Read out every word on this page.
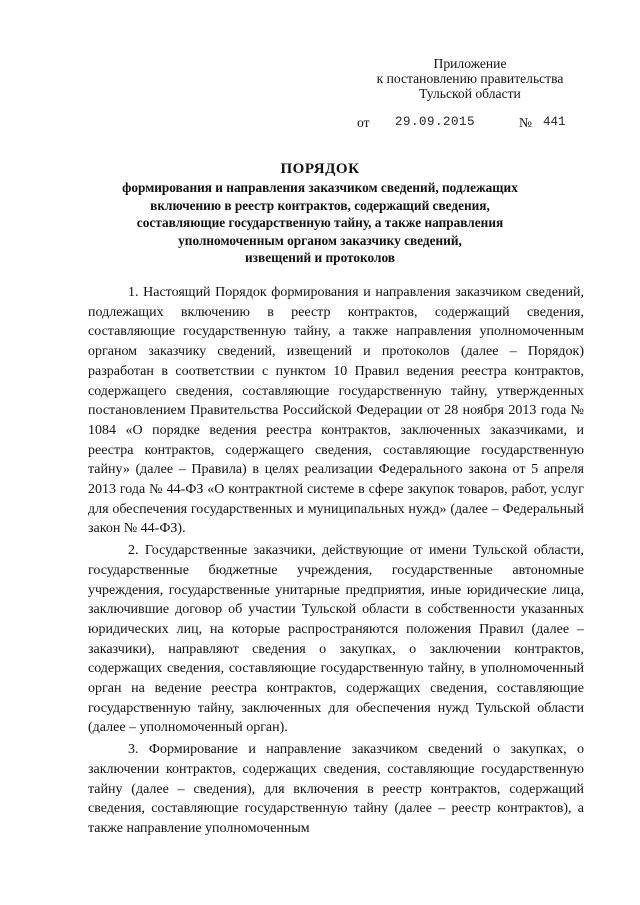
Приложение
к постановлению правительства
Тульской области
от 29.09.2015	№ 441
ПОРЯДОК
формирования и направления заказчиком сведений, подлежащих
включению в реестр контрактов, содержащий сведения,
составляющие государственную тайну, а также направления
уполномоченным органом заказчику сведений,
извещений и протоколов

1. Настоящий Порядок формирования и направления заказчиком сведений, подлежащих включению в реестр контрактов, содержащий сведения, составляющие государственную тайну, а также направления уполномоченным органом заказчику сведений, извещений и протоколов (далее – Порядок) разработан в соответствии с пунктом 10 Правил ведения реестра контрактов, содержащего сведения, составляющие государственную тайну, утвержденных постановлением Правительства Российской Федерации от 28 ноября 2013 года № 1084 «О порядке ведения реестра контрактов, заключенных заказчиками, и реестра контрактов, содержащего сведения, составляющие государственную тайну» (далее – Правила) в целях реализации Федерального закона от 5 апреля 2013 года № 44-ФЗ «О контрактной системе в сфере закупок товаров, работ, услуг для обеспечения государственных и муниципальных нужд» (далее – Федеральный закон № 44-ФЗ).

2. Государственные заказчики, действующие от имени Тульской области, государственные бюджетные учреждения, государственные автономные учреждения, государственные унитарные предприятия, иные юридические лица, заключившие договор об участии Тульской области в собственности указанных юридических лиц, на которые распространяются положения Правил (далее – заказчики), направляют сведения о закупках, о заключении контрактов, содержащих сведения, составляющие государственную тайну, в уполномоченный орган на ведение реестра контрактов, содержащих сведения, составляющие государственную тайну, заключенных для обеспечения нужд Тульской области (далее – уполномоченный орган).

3. Формирование и направление заказчиком сведений о закупках, о заключении контрактов, содержащих сведения, составляющие государственную тайну (далее – сведения), для включения в реестр контрактов, содержащий сведения, составляющие государственную тайну (далее – реестр контрактов), а также направление уполномоченным
